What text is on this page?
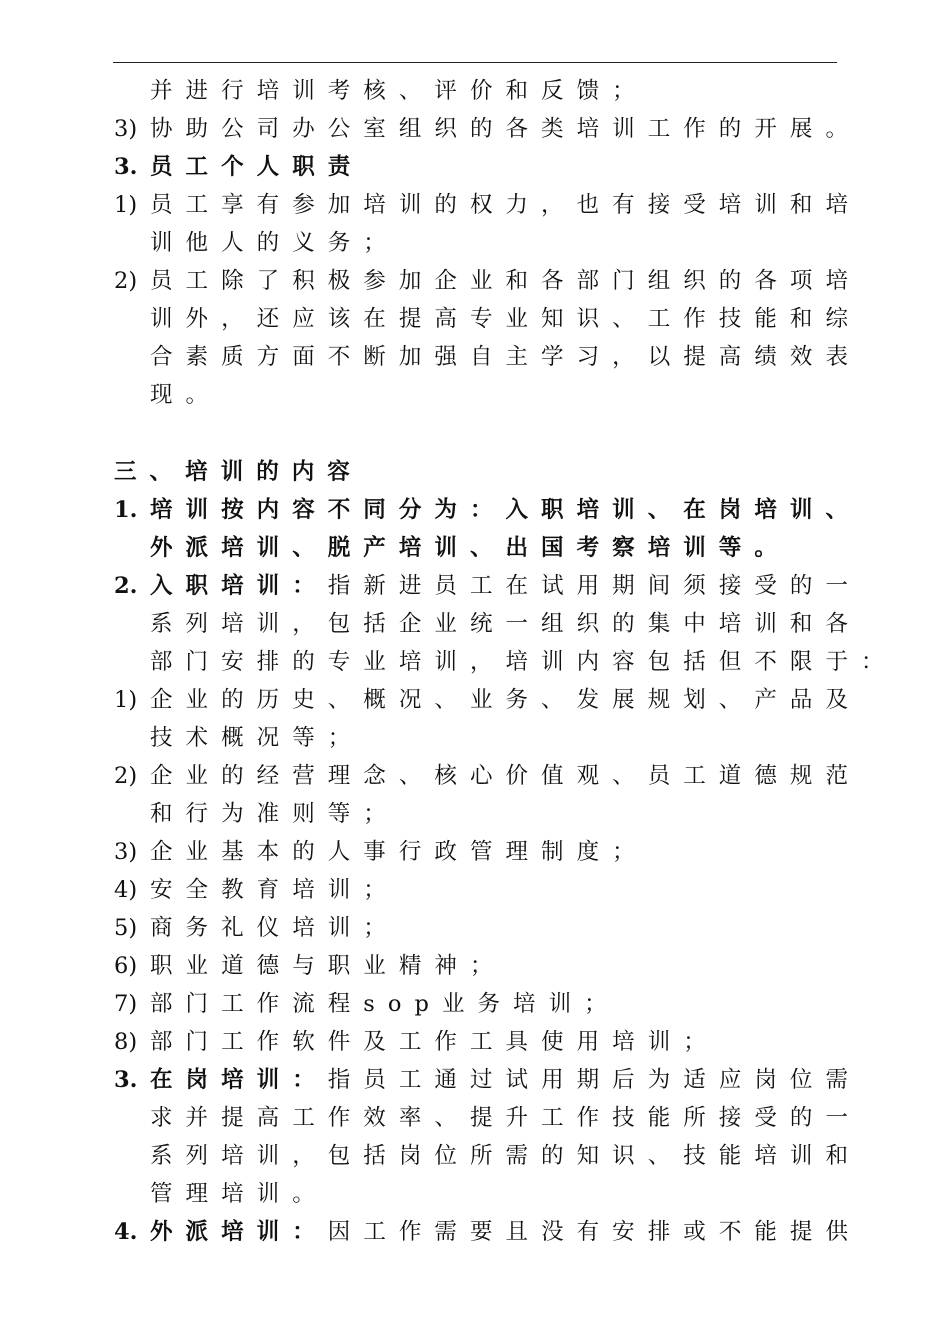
并进行培训考核、评价和反馈；
3) 协助公司办公室组织的各类培训工作的开展。
3. 员工个人职责
1) 员工享有参加培训的权力，也有接受培训和培
训他人的义务；
2) 员工除了积极参加企业和各部门组织的各项培
训外，还应该在提高专业知识、工作技能和综
合素质方面不断加强自主学习，以提高绩效表
现。
三、培训的内容
1. 培训按内容不同分为：入职培训、在岗培训、
外派培训、脱产培训、出国考察培训等。
2. 入职培训：指新进员工在试用期间须接受的一
系列培训，包括企业统一组织的集中培训和各
部门安排的专业培训，培训内容包括但不限于：
1) 企业的历史、概况、业务、发展规划、产品及
技术概况等；
2) 企业的经营理念、核心价值观、员工道德规范
和行为准则等；
3) 企业基本的人事行政管理制度；
4) 安全教育培训；
5) 商务礼仪培训；
6) 职业道德与职业精神；
7) 部门工作流程sop业务培训；
8) 部门工作软件及工作工具使用培训；
3. 在岗培训：指员工通过试用期后为适应岗位需
求并提高工作效率、提升工作技能所接受的一
系列培训，包括岗位所需的知识、技能培训和
管理培训。
4. 外派培训：因工作需要且没有安排或不能提供
